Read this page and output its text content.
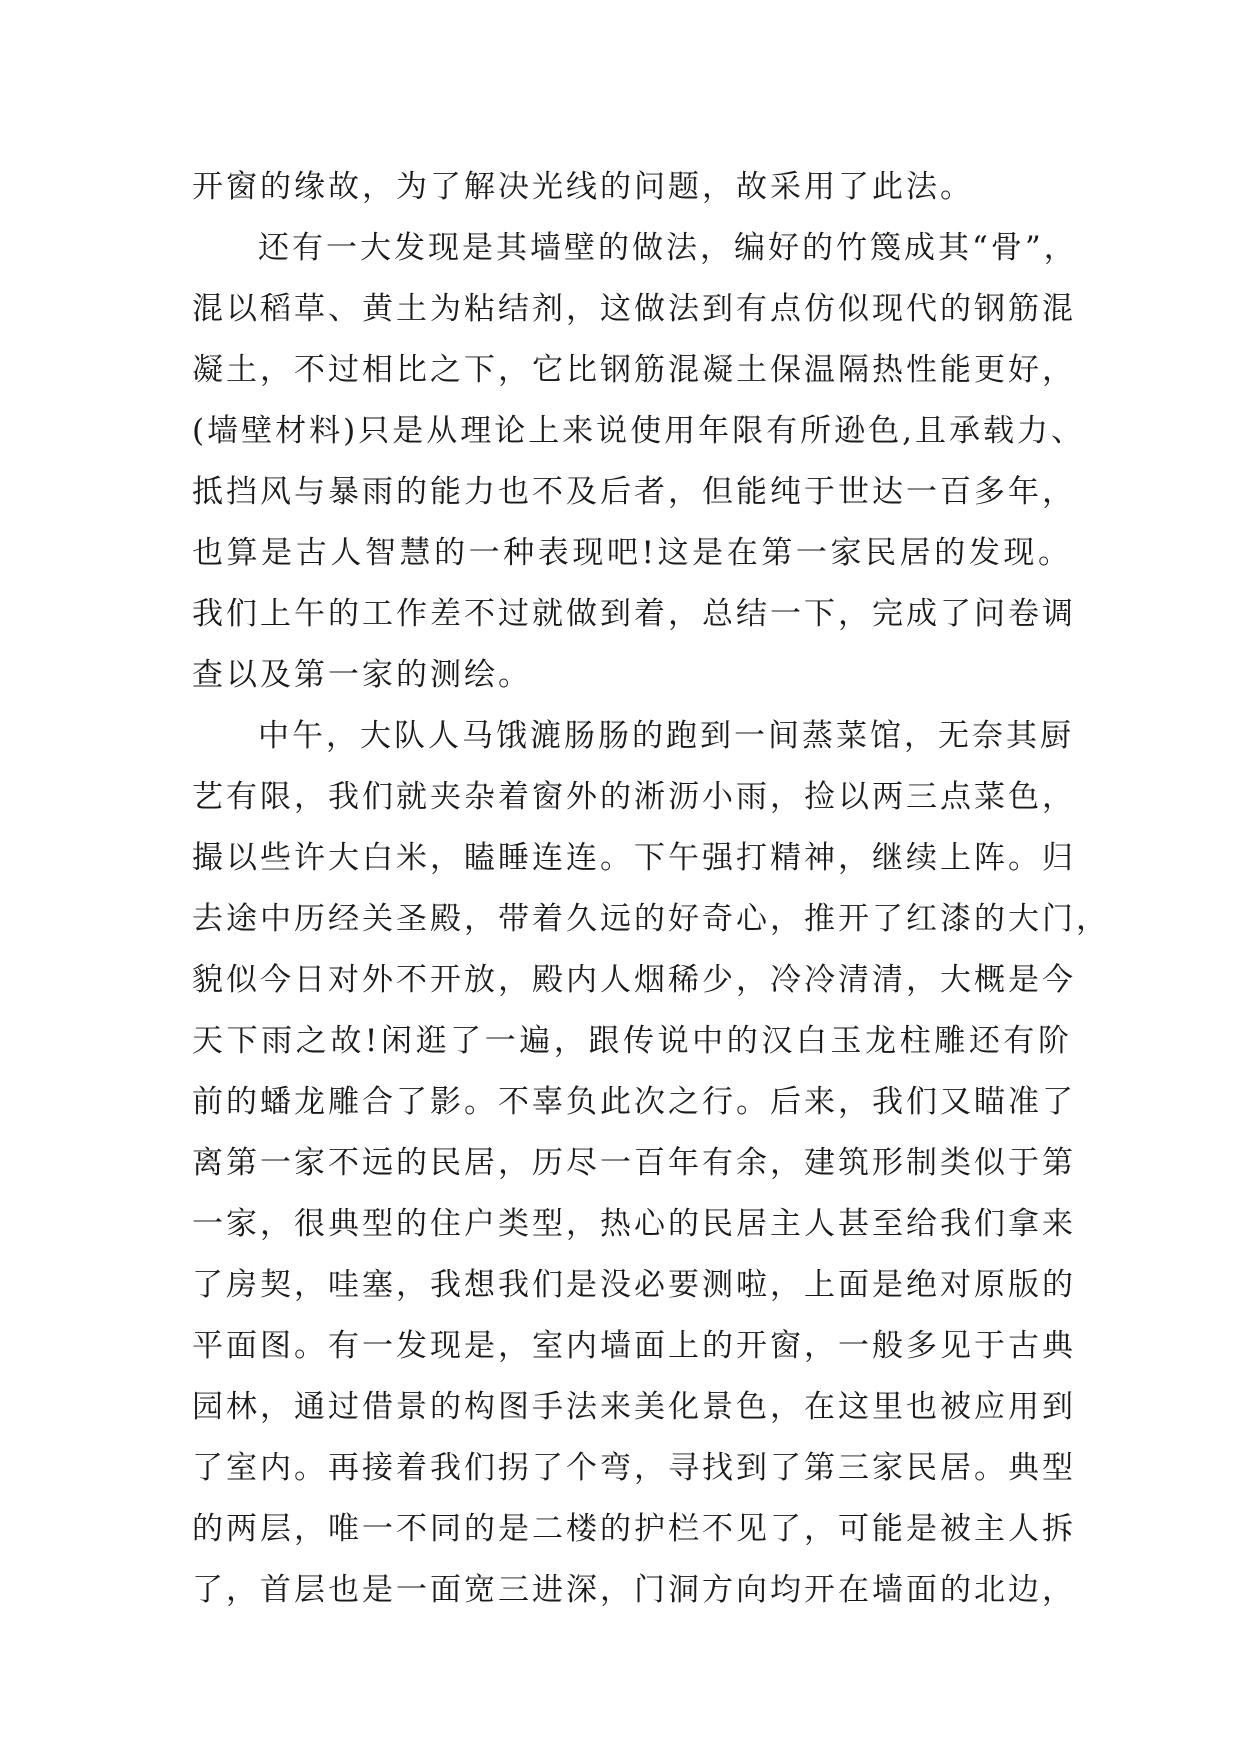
开窗的缘故，为了解决光线的问题，故采用了此法。
还有一大发现是其墙壁的做法，编好的竹篾成其“骨”，
混以稻草、黄土为粘结剂，这做法到有点仿似现代的钢筋混
凝土，不过相比之下，它比钢筋混凝土保温隔热性能更好，
(墙壁材料)只是从理论上来说使用年限有所逊色,且承载力、
抵挡风与暴雨的能力也不及后者，但能纯于世达一百多年，
也算是古人智慧的一种表现吧!这是在第一家民居的发现。
我们上午的工作差不过就做到着，总结一下，完成了问卷调
查以及第一家的测绘。
中午，大队人马饿漉肠肠的跑到一间蒸菜馆，无奈其厨
艺有限，我们就夹杂着窗外的淅沥小雨，捡以两三点菜色，
撮以些许大白米，瞌睡连连。下午强打精神，继续上阵。归
去途中历经关圣殿，带着久远的好奇心，推开了红漆的大门，
貌似今日对外不开放，殿内人烟稀少，冷冷清清，大概是今
天下雨之故!闲逛了一遍，跟传说中的汉白玉龙柱雕还有阶
前的蟠龙雕合了影。不辜负此次之行。后来，我们又瞄准了
离第一家不远的民居，历尽一百年有余，建筑形制类似于第
一家，很典型的住户类型，热心的民居主人甚至给我们拿来
了房契，哇塞，我想我们是没必要测啦，上面是绝对原版的
平面图。有一发现是，室内墙面上的开窗，一般多见于古典
园林，通过借景的构图手法来美化景色，在这里也被应用到
了室内。再接着我们拐了个弯，寻找到了第三家民居。典型
的两层，唯一不同的是二楼的护栏不见了，可能是被主人拆
了，首层也是一面宽三进深，门洞方向均开在墙面的北边，
